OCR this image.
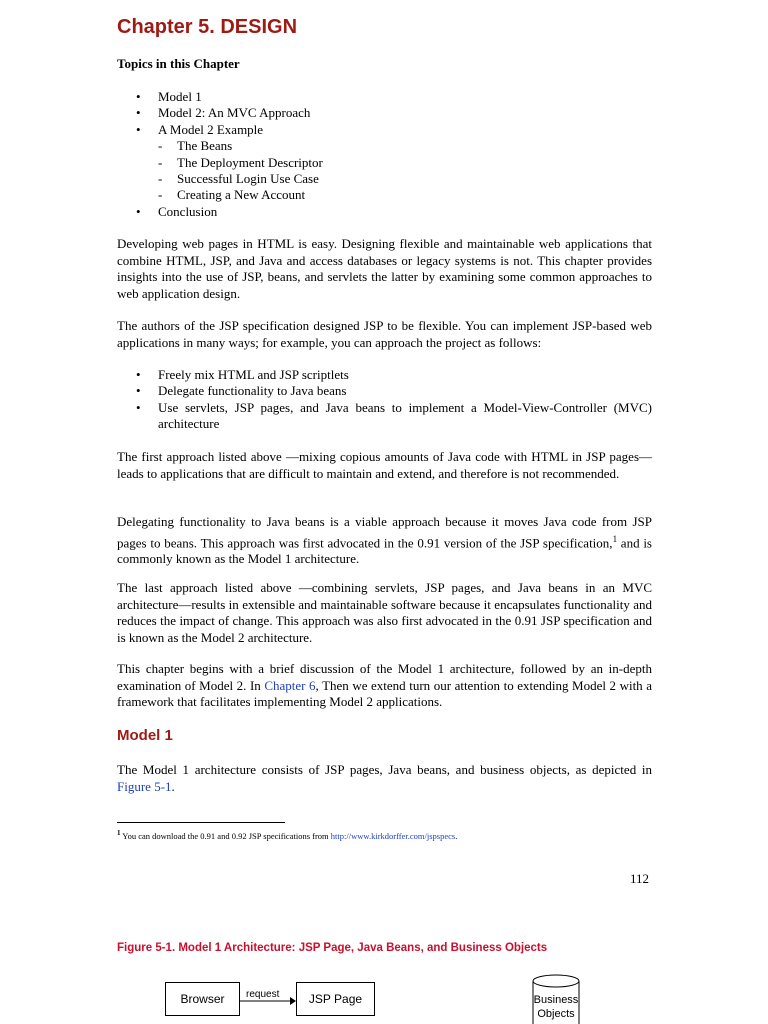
Chapter 5. DESIGN
Topics in this Chapter
• Model 1
• Model 2: An MVC Approach
• A Model 2 Example
- The Beans
- The Deployment Descriptor
- Successful Login Use Case
- Creating a New Account
• Conclusion

Developing web pages in HTML is easy. Designing flexible and maintainable web applications that combine HTML, JSP, and Java and access databases or legacy systems is not. This chapter provides insights into the use of JSP, beans, and servlets the latter by examining some common approaches to web application design.

The authors of the JSP specification designed JSP to be flexible. You can implement JSP-based web applications in many ways; for example, you can approach the project as follows:

• Freely mix HTML and JSP scriptlets
• Delegate functionality to Java beans
• Use servlets, JSP pages, and Java beans to implement a Model-View-Controller (MVC) architecture

The first approach listed above —mixing copious amounts of Java code with HTML in JSP pages—leads to applications that are difficult to maintain and extend, and therefore is not recommended.

Delegating functionality to Java beans is a viable approach because it moves Java code from JSP pages to beans. This approach was first advocated in the 0.91 version of the JSP specification,$^1$ and is commonly known as the Model 1 architecture.

The last approach listed above —combining servlets, JSP pages, and Java beans in an MVC architecture—results in extensible and maintainable software because it encapsulates functionality and reduces the impact of change. This approach was also first advocated in the 0.91 JSP specification and is known as the Model 2 architecture.

This chapter begins with a brief discussion of the Model 1 architecture, followed by an in-depth examination of Model 2. In Chapter 6, Then we extend turn our attention to extending Model 2 with a framework that facilitates implementing Model 2 applications.

Model 1

The Model 1 architecture consists of JSP pages, Java beans, and business objects, as depicted in Figure 5-1.

$^1$ You can download the 0.91 and 0.92 JSP specifications from http://www.kirkdorffer.com/jspspecs.
112
Figure 5-1. Model 1 Architecture: JSP Page, Java Beans, and Business Objects
Browser request JSP Page	Business
Objects
